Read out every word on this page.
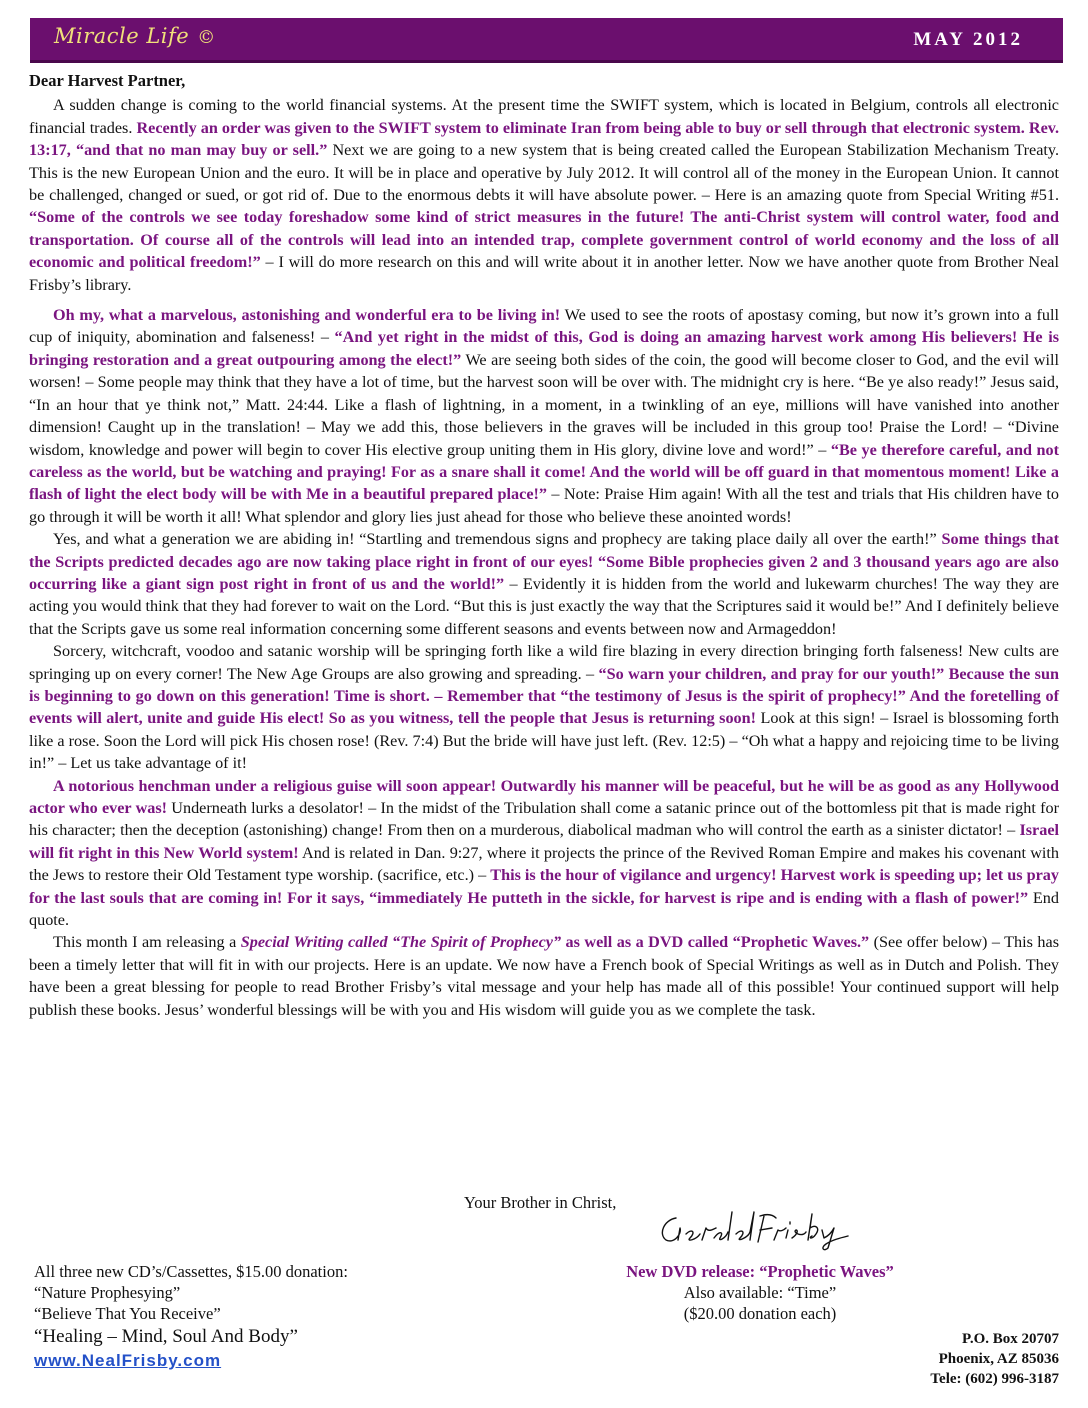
Miracle Life ©	MAY 2012
Dear Harvest Partner,

A sudden change is coming to the world financial systems. At the present time the SWIFT system, which is located in Belgium, controls all electronic financial trades. Recently an order was given to the SWIFT system to eliminate Iran from being able to buy or sell through that electronic system. Rev. 13:17, “and that no man may buy or sell.” Next we are going to a new system that is being created called the European Stabilization Mechanism Treaty. This is the new European Union and the euro. It will be in place and operative by July 2012. It will control all of the money in the European Union. It cannot be challenged, changed or sued, or got rid of. Due to the enormous debts it will have absolute power. – Here is an amazing quote from Special Writing #51. “Some of the controls we see today foreshadow some kind of strict measures in the future! The anti-Christ system will control water, food and transportation. Of course all of the controls will lead into an intended trap, complete government control of world economy and the loss of all economic and political freedom!” – I will do more research on this and will write about it in another letter. Now we have another quote from Brother Neal Frisby’s library.

Oh my, what a marvelous, astonishing and wonderful era to be living in! We used to see the roots of apostasy coming, but now it’s grown into a full cup of iniquity, abomination and falseness! – “And yet right in the midst of this, God is doing an amazing harvest work among His believers! He is bringing restoration and a great outpouring among the elect!” We are seeing both sides of the coin, the good will become closer to God, and the evil will worsen! – Some people may think that they have a lot of time, but the harvest soon will be over with. The midnight cry is here. “Be ye also ready!” Jesus said, “In an hour that ye think not,” Matt. 24:44. Like a flash of lightning, in a moment, in a twinkling of an eye, millions will have vanished into another dimension! Caught up in the translation! – May we add this, those believers in the graves will be included in this group too! Praise the Lord! – “Divine wisdom, knowledge and power will begin to cover His elective group uniting them in His glory, divine love and word!” – “Be ye therefore careful, and not careless as the world, but be watching and praying! For as a snare shall it come! And the world will be off guard in that momentous moment! Like a flash of light the elect body will be with Me in a beautiful prepared place!” – Note: Praise Him again! With all the test and trials that His children have to go through it will be worth it all! What splendor and glory lies just ahead for those who believe these anointed words!

Yes, and what a generation we are abiding in! “Startling and tremendous signs and prophecy are taking place daily all over the earth!” Some things that the Scripts predicted decades ago are now taking place right in front of our eyes! “Some Bible prophecies given 2 and 3 thousand years ago are also occurring like a giant sign post right in front of us and the world!” – Evidently it is hidden from the world and lukewarm churches! The way they are acting you would think that they had forever to wait on the Lord. “But this is just exactly the way that the Scriptures said it would be!” And I definitely believe that the Scripts gave us some real information concerning some different seasons and events between now and Armageddon!

Sorcery, witchcraft, voodoo and satanic worship will be springing forth like a wild fire blazing in every direction bringing forth falseness! New cults are springing up on every corner! The New Age Groups are also growing and spreading. – “So warn your children, and pray for our youth!” Because the sun is beginning to go down on this generation! Time is short. – Remember that “the testimony of Jesus is the spirit of prophecy!” And the foretelling of events will alert, unite and guide His elect! So as you witness, tell the people that Jesus is returning soon! Look at this sign! – Israel is blossoming forth like a rose. Soon the Lord will pick His chosen rose! (Rev. 7:4) But the bride will have just left. (Rev. 12:5) – “Oh what a happy and rejoicing time to be living in!” – Let us take advantage of it!

A notorious henchman under a religious guise will soon appear! Outwardly his manner will be peaceful, but he will be as good as any Hollywood actor who ever was! Underneath lurks a desolator! – In the midst of the Tribulation shall come a satanic prince out of the bottomless pit that is made right for his character; then the deception (astonishing) change! From then on a murderous, diabolical madman who will control the earth as a sinister dictator! – Israel will fit right in this New World system! And is related in Dan. 9:27, where it projects the prince of the Revived Roman Empire and makes his covenant with the Jews to restore their Old Testament type worship. (sacrifice, etc.) – This is the hour of vigilance and urgency! Harvest work is speeding up; let us pray for the last souls that are coming in! For it says, “immediately He putteth in the sickle, for harvest is ripe and is ending with a flash of power!” End quote.

This month I am releasing a Special Writing called “The Spirit of Prophecy” as well as a DVD called “Prophetic Waves.” (See offer below) – This has been a timely letter that will fit in with our projects. Here is an update. We now have a French book of Special Writings as well as in Dutch and Polish. They have been a great blessing for people to read Brother Frisby’s vital message and your help has made all of this possible! Your continued support will help publish these books. Jesus’ wonderful blessings will be with you and His wisdom will guide you as we complete the task.

Your Brother in Christ,
All three new CD’s/Cassettes, $15.00 donation:
“Nature Prophesying”
“Believe That You Receive”
“Healing – Mind, Soul And Body”
www.NealFrisby.com
New DVD release: “Prophetic Waves”
Also available: “Time”
($20.00 donation each)
P.O. Box 20707
Phoenix, AZ 85036
Tele: (602) 996-3187
